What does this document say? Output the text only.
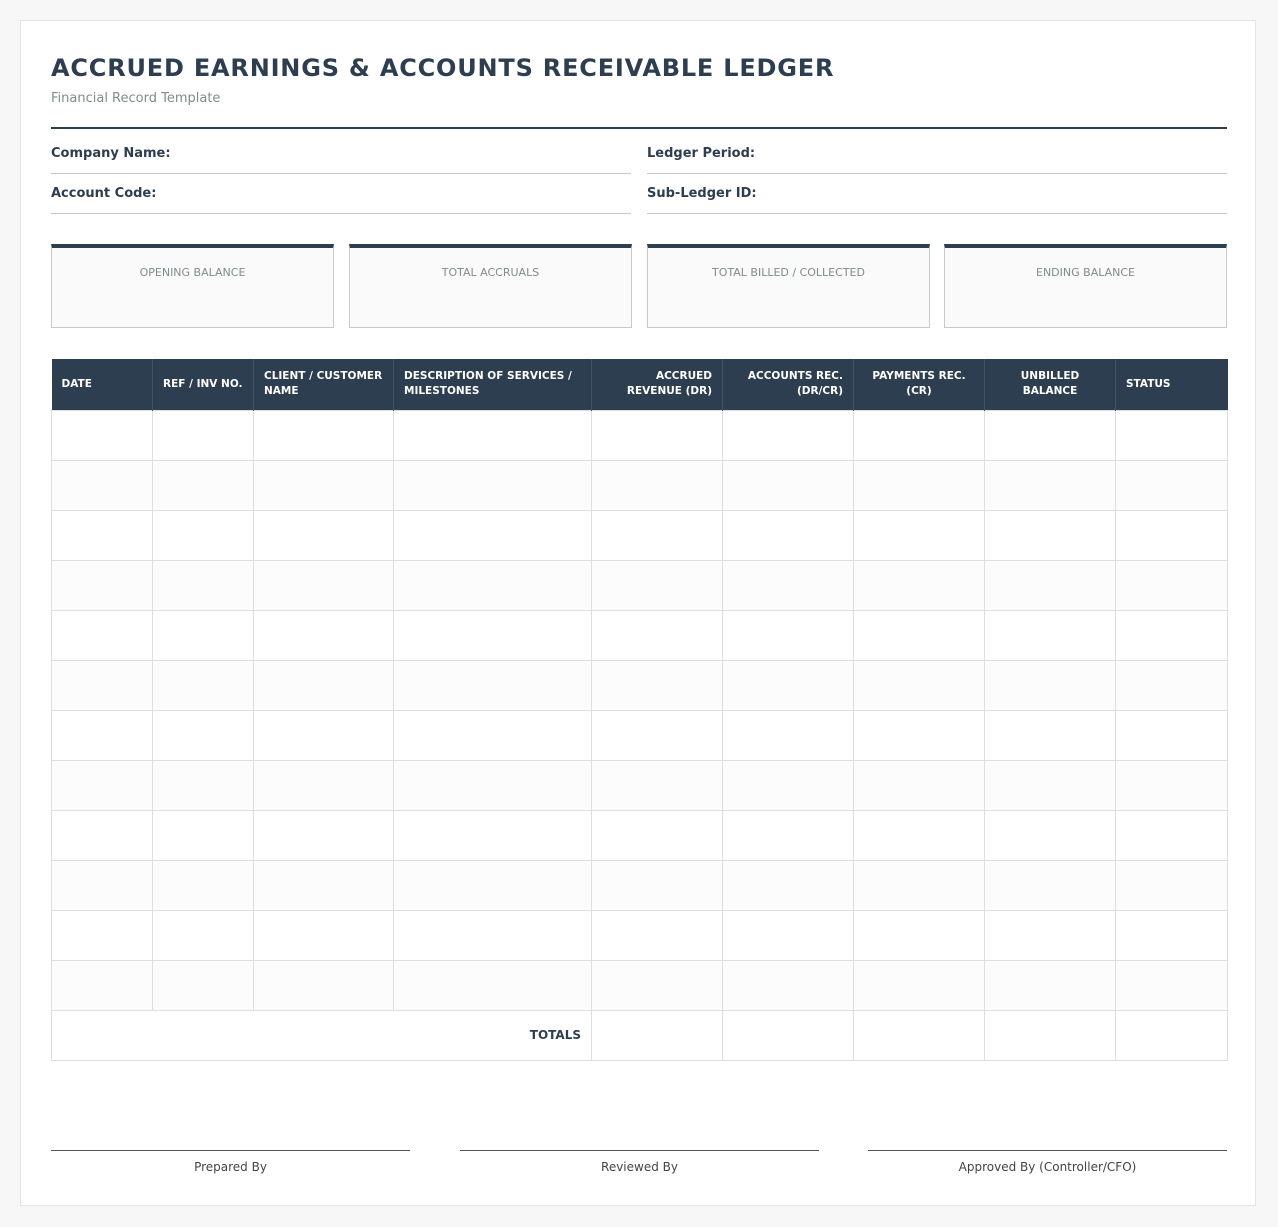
ACCRUED EARNINGS & ACCOUNTS RECEIVABLE LEDGER
Financial Record Template
Company Name:	Ledger Period:
Account Code:	Sub-Ledger ID:
OPENING BALANCE	TOTAL ACCRUALS	TOTAL BILLED / COLLECTED	ENDING BALANCE
DATE	REF / INV NO.	CLIENT / CUSTOMER NAME	DESCRIPTION OF SERVICES / MILESTONES	ACCRUED REVENUE (DR)	ACCOUNTS REC. (DR/CR)	PAYMENTS REC. (CR)	UNBILLED BALANCE	STATUS

TOTALS								
Prepared By	Reviewed By	Approved By (Controller/CFO)
